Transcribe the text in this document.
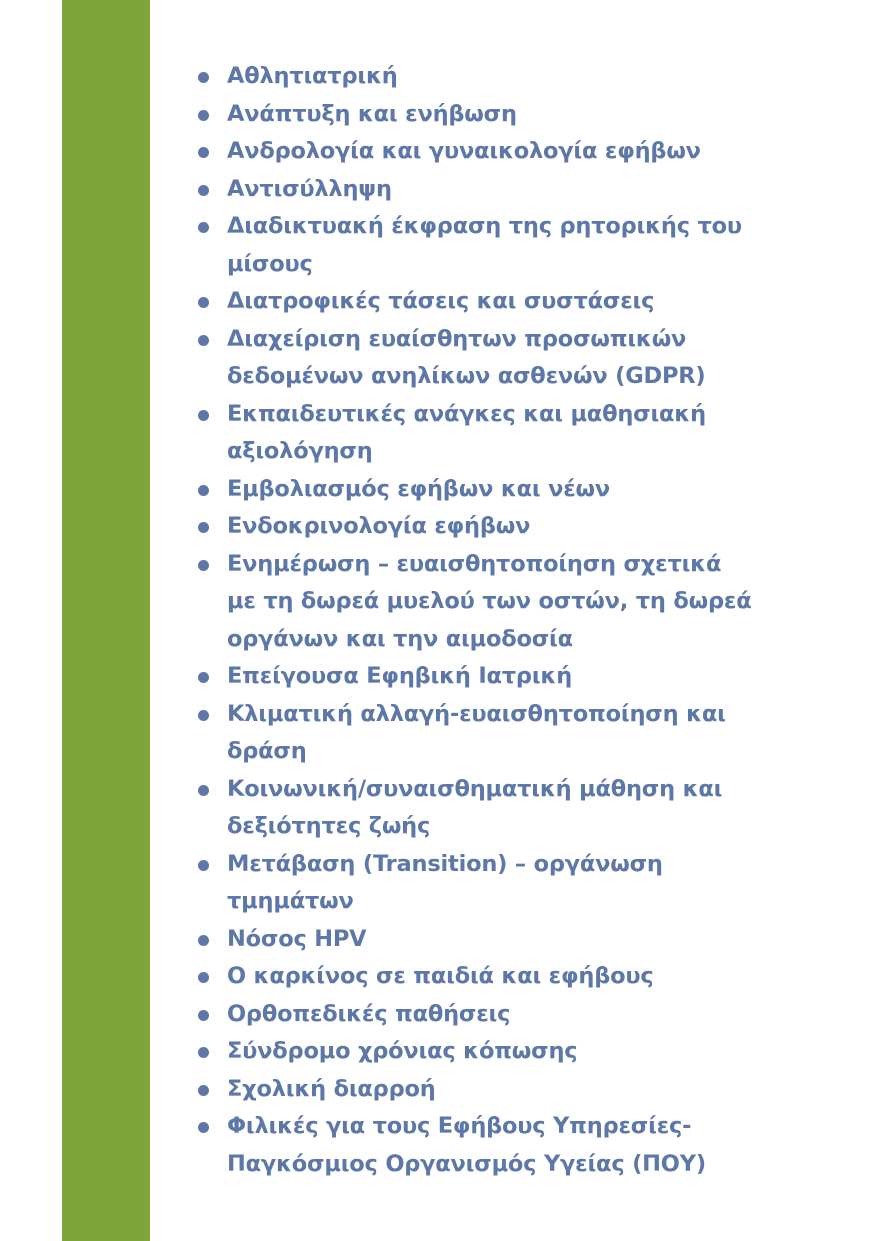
Αθλητιατρική
Ανάπτυξη και ενήβωση
Ανδρολογία και γυναικολογία εφήβων
Αντισύλληψη
Διαδικτυακή έκφραση της ρητορικής του
μίσους
Διατροφικές τάσεις και συστάσεις
Διαχείριση ευαίσθητων προσωπικών
δεδομένων ανηλίκων ασθενών (GDPR)
Εκπαιδευτικές ανάγκες και μαθησιακή
αξιολόγηση
Εμβολιασμός εφήβων και νέων
Ενδοκρινολογία εφήβων
Ενημέρωση – ευαισθητοποίηση σχετικά
με τη δωρεά μυελού των οστών, τη δωρεά
οργάνων και την αιμοδοσία
Επείγουσα Εφηβική Ιατρική
Κλιματική αλλαγή-ευαισθητοποίηση και
δράση
Κοινωνική/συναισθηματική μάθηση και
δεξιότητες ζωής
Μετάβαση (Transition) – οργάνωση
τμημάτων
Νόσος HPV
Ο καρκίνος σε παιδιά και εφήβους
Ορθοπεδικές παθήσεις
Σύνδρομο χρόνιας κόπωσης
Σχολική διαρροή
Φιλικές για τους Εφήβους Υπηρεσίες-
Παγκόσμιος Οργανισμός Υγείας (ΠΟΥ)
